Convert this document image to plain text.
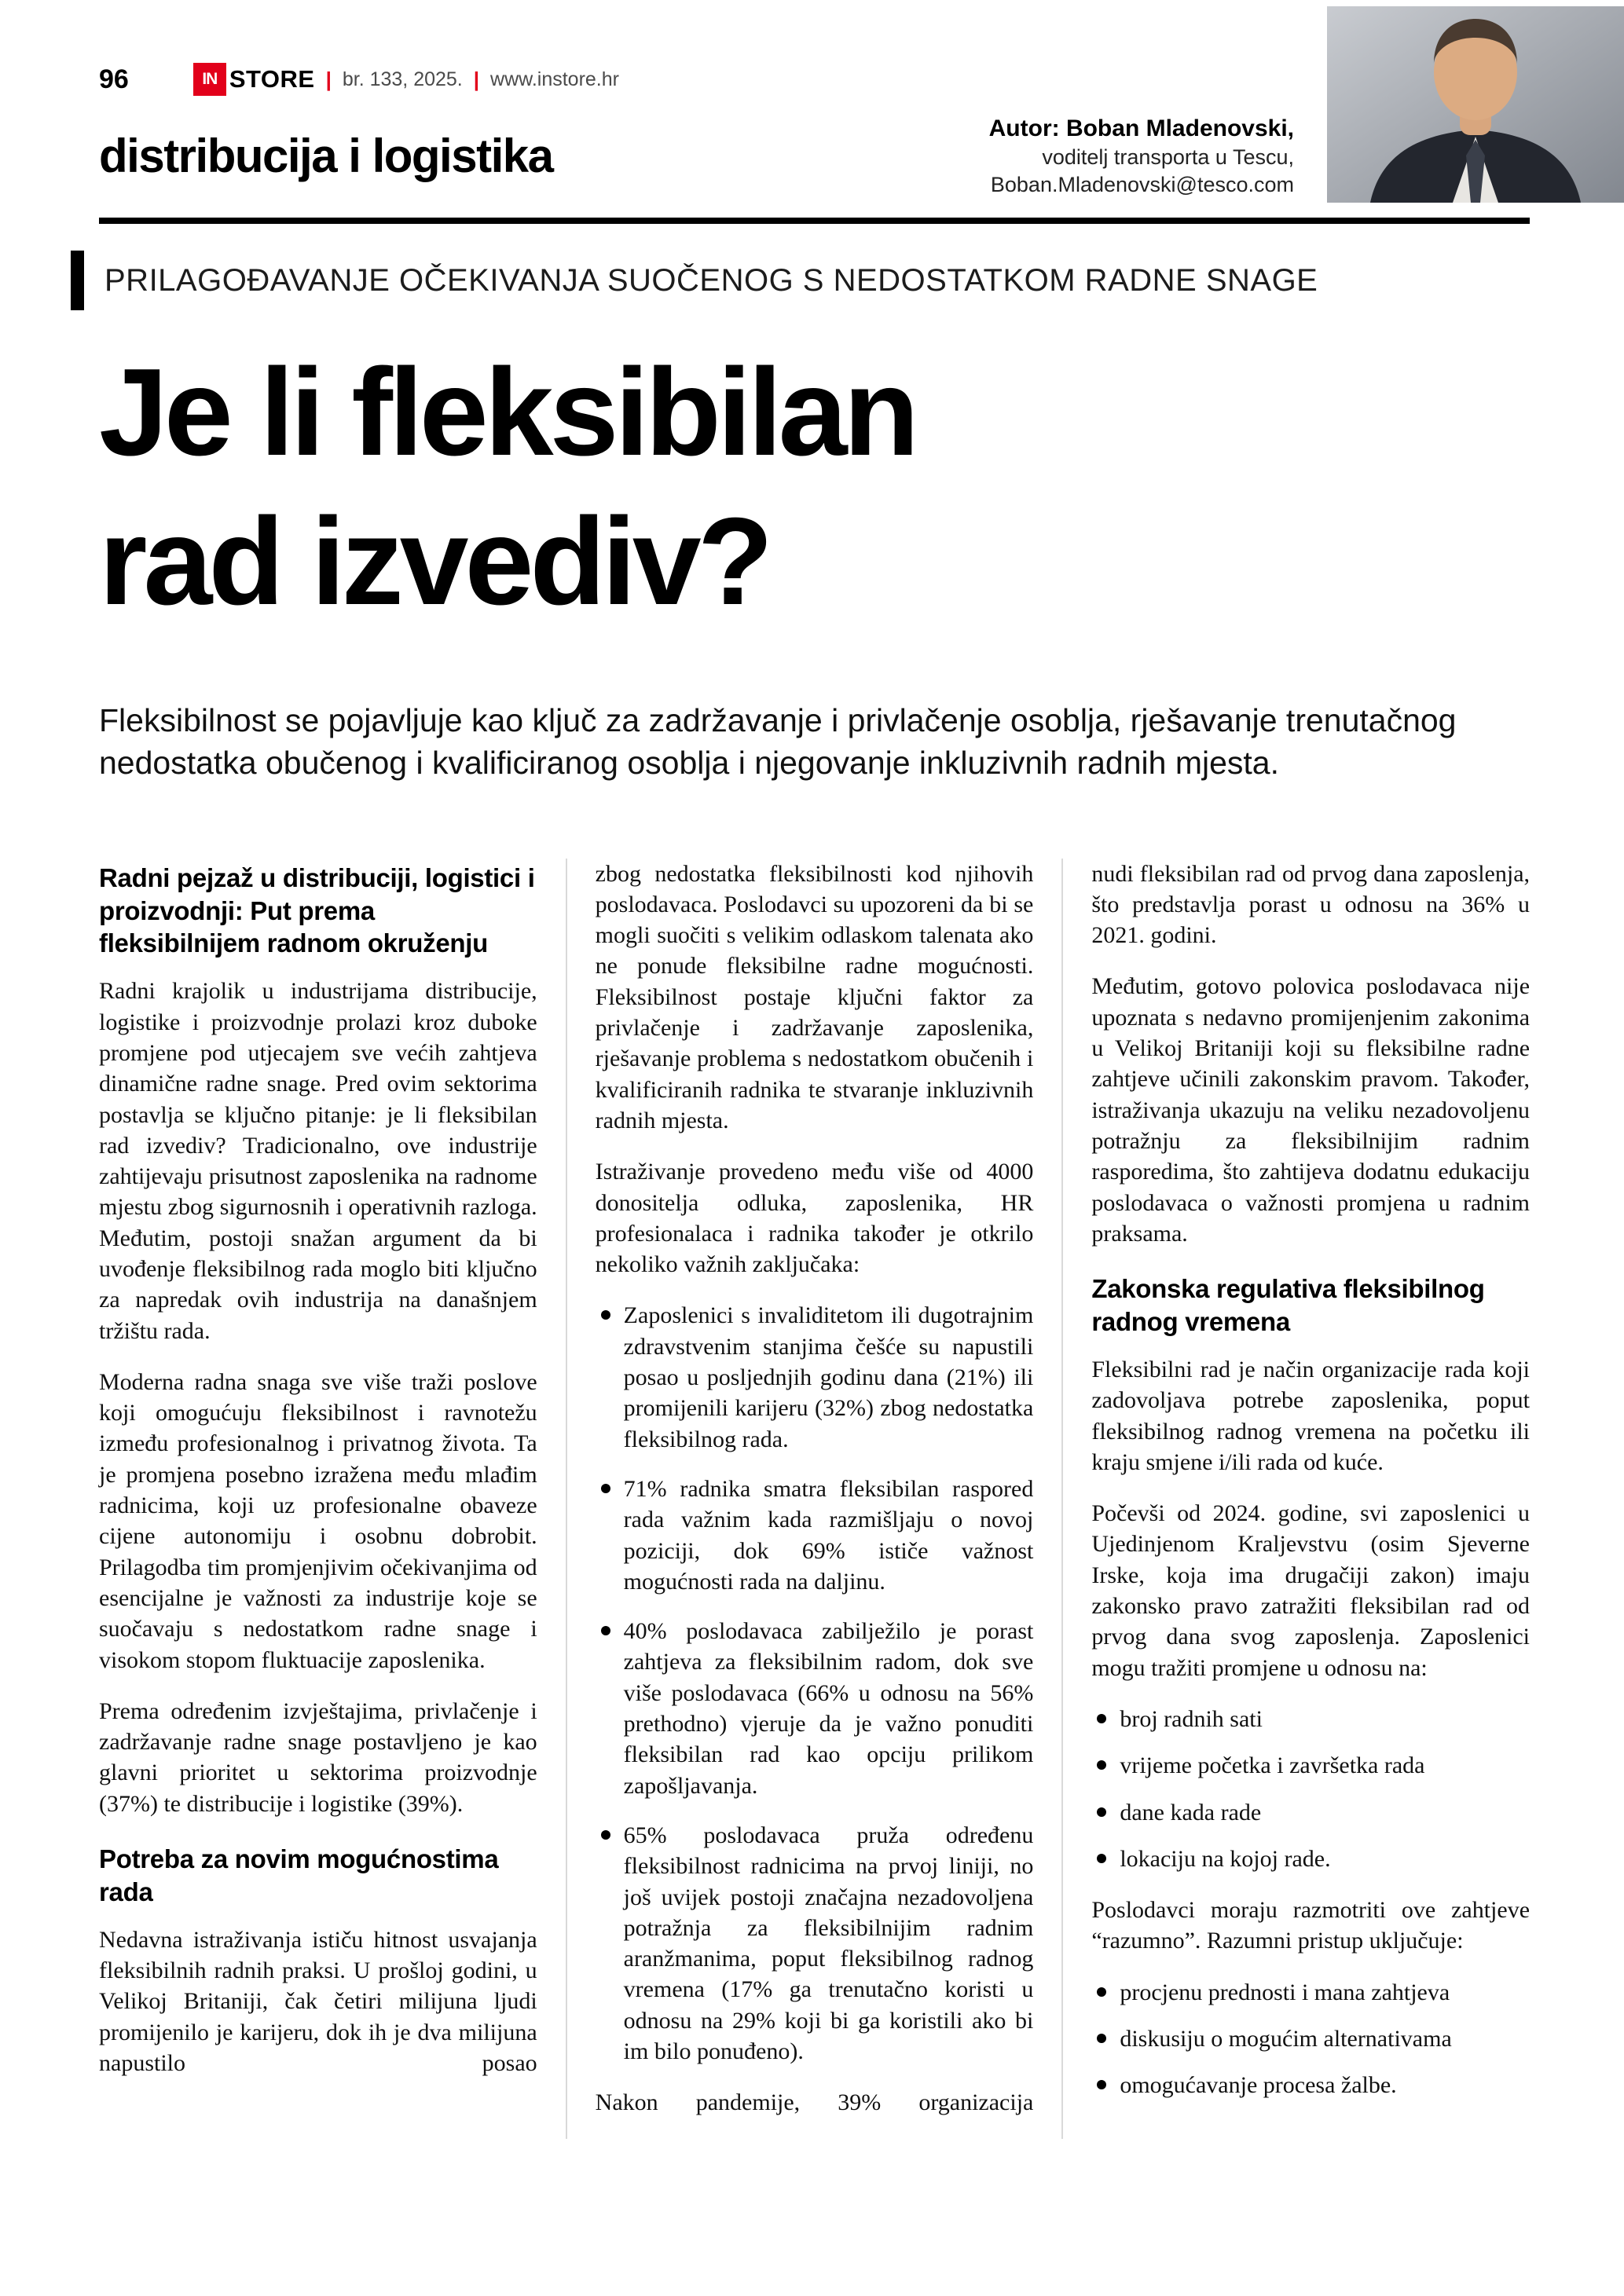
96	IN STORE | br. 133, 2025. | www.instore.hr
distribucija i logistika
Autor: Boban Mladenovski,
voditelj transporta u Tescu,
Boban.Mladenovski@tesco.com
PRILAGOĐAVANJE OČEKIVANJA SUOČENOG S NEDOSTATKOM RADNE SNAGE
Je li fleksibilan
rad izvediv?

Fleksibilnost se pojavljuje kao ključ za zadržavanje i privlačenje osoblja, rješavanje trenutačnog nedostatka obučenog i kvalificiranog osoblja i njegovanje inkluzivnih radnih mjesta.

Radni pejzaž u distribuciji, logistici i proizvodnji: Put prema fleksibilnijem radnom okruženju

Radni krajolik u industrijama distribucije, logistike i proizvodnje prolazi kroz duboke promjene pod utjecajem sve većih zahtjeva dinamične radne snage. Pred ovim sektorima postavlja se ključno pitanje: je li fleksibilan rad izvediv? Tradicionalno, ove industrije zahtijevaju prisutnost zaposlenika na radnome mjestu zbog sigurnosnih i operativnih razloga. Međutim, postoji snažan argument da bi uvođenje fleksibilnog rada moglo biti ključno za napredak ovih industrija na današnjem tržištu rada.

Moderna radna snaga sve više traži poslove koji omogućuju fleksibilnost i ravnotežu između profesionalnog i privatnog života. Ta je promjena posebno izražena među mlađim radnicima, koji uz profesionalne obaveze cijene autonomiju i osobnu dobrobit. Prilagodba tim promjenjivim očekivanjima od esencijalne je važnosti za industrije koje se suočavaju s nedostatkom radne snage i visokom stopom fluktuacije zaposlenika.

Prema određenim izvještajima, privlačenje i zadržavanje radne snage postavljeno je kao glavni prioritet u sektorima proizvodnje (37%) te distribucije i logistike (39%).

Potreba za novim mogućnostima rada

Nedavna istraživanja ističu hitnost usvajanja fleksibilnih radnih praksi. U prošloj godini, u Velikoj Britaniji, čak četiri milijuna ljudi promijenilo je karijeru, dok ih je dva milijuna napustilo posao

zbog nedostatka fleksibilnosti kod njihovih poslodavaca. Poslodavci su upozoreni da bi se mogli suočiti s velikim odlaskom talenata ako ne ponude fleksibilne radne mogućnosti. Fleksibilnost postaje ključni faktor za privlačenje i zadržavanje zaposlenika, rješavanje problema s nedostatkom obučenih i kvalificiranih radnika te stvaranje inkluzivnih radnih mjesta.

Istraživanje provedeno među više od 4000 donositelja odluka, zaposlenika, HR profesionalaca i radnika također je otkrilo nekoliko važnih zaključaka:

Zaposlenici s invaliditetom ili dugotrajnim zdravstvenim stanjima češće su napustili posao u posljednjih godinu dana (21%) ili promijenili karijeru (32%) zbog nedostatka fleksibilnog rada.
71% radnika smatra fleksibilan raspored rada važnim kada razmišljaju o novoj poziciji, dok 69% ističe važnost mogućnosti rada na daljinu.
40% poslodavaca zabilježilo je porast zahtjeva za fleksibilnim radom, dok sve više poslodavaca (66% u odnosu na 56% prethodno) vjeruje da je važno ponuditi fleksibilan rad kao opciju prilikom zapošljavanja.
65% poslodavaca pruža određenu fleksibilnost radnicima na prvoj liniji, no još uvijek postoji značajna nezadovoljena potražnja za fleksibilnijim radnim aranžmanima, poput fleksibilnog radnog vremena (17% ga trenutačno koristi u odnosu na 29% koji bi ga koristili ako bi im bilo ponuđeno).

Nakon pandemije, 39% organizacija

nudi fleksibilan rad od prvog dana zaposlenja, što predstavlja porast u odnosu na 36% u 2021. godini.

Međutim, gotovo polovica poslodavaca nije upoznata s nedavno promijenjenim zakonima u Velikoj Britaniji koji su fleksibilne radne zahtjeve učinili zakonskim pravom. Također, istraživanja ukazuju na veliku nezadovoljenu potražnju za fleksibilnijim radnim rasporedima, što zahtijeva dodatnu edukaciju poslodavaca o važnosti promjena u radnim praksama.

Zakonska regulativa fleksibilnog radnog vremena

Fleksibilni rad je način organizacije rada koji zadovoljava potrebe zaposlenika, poput fleksibilnog radnog vremena na početku ili kraju smjene i/ili rada od kuće.

Počevši od 2024. godine, svi zaposlenici u Ujedinjenom Kraljevstvu (osim Sjeverne Irske, koja ima drugačiji zakon) imaju zakonsko pravo zatražiti fleksibilan rad od prvog dana svog zaposlenja. Zaposlenici mogu tražiti promjene u odnosu na:

broj radnih sati
vrijeme početka i završetka rada
dane kada rade
lokaciju na kojoj rade.

Poslodavci moraju razmotriti ove zahtjeve “razumno”. Razumni pristup uključuje:

procjenu prednosti i mana zahtjeva
diskusiju o mogućim alternativama
omogućavanje procesa žalbe.
